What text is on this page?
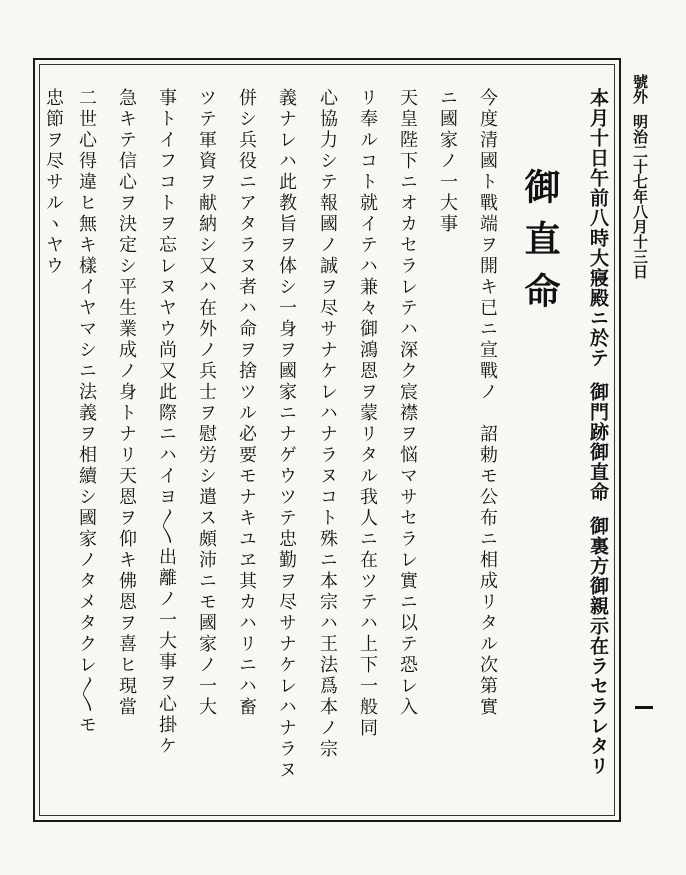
號外明治二十七年八月十三日
本月十日午前八時大寢殿ニ於テ御門跡御直命御裏方御親示在ラセラレタリ
御直命
今度清國ト戰端ヲ開キ已ニ宣戰ノ　詔勅モ公布ニ相成リタル次第實
ニ國家ノ一大事
天皇陛下ニオカセラレテハ深ク宸襟ヲ悩マサセラレ實ニ以テ恐レ入
リ奉ルコト就イテハ兼々御鴻恩ヲ蒙リタル我人ニ在ツテハ上下一般同
心協力シテ報國ノ誠ヲ尽サナケレハナラヌコト殊ニ本宗ハ王法爲本ノ宗
義ナレハ此教旨ヲ体シ一身ヲ國家ニナゲウツテ忠勤ヲ尽サナケレハナラヌ
併シ兵役ニアタラヌ者ハ命ヲ捨ツル必要モナキユヱ其カハリニハ畜
ツテ軍資ヲ献納シ又ハ在外ノ兵士ヲ慰労シ遣ス頗沛ニモ國家ノ一大
事トイフコトヲ忘レヌヤウ尚又此際ニハイヨ〳〵出離ノ一大事ヲ心掛ケ
急キテ信心ヲ決定シ平生業成ノ身トナリ天恩ヲ仰キ佛恩ヲ喜ヒ現當
二世心得違ヒ無キ樣イヤマシニ法義ヲ相續シ國家ノタメタクレ〳〵モ
忠節ヲ尽サルヽヤウ
